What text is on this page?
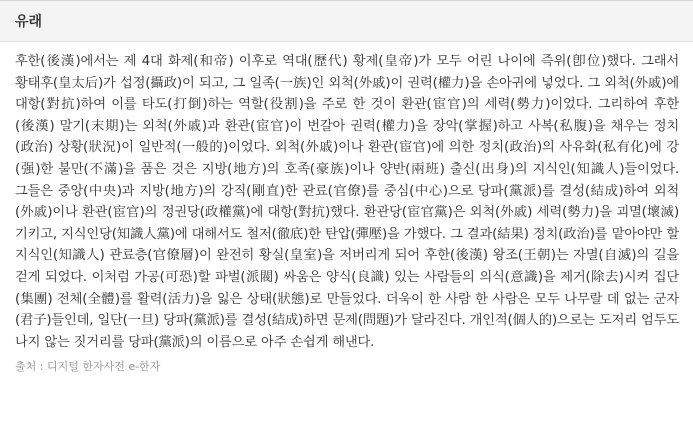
유래

후한(後漢)에서는 제 4대 화제(和帝) 이후로 역대(歷代) 황제(皇帝)가 모두 어린 나이에 즉위(卽位)했다. 그래서 황태후(皇太后)가 섭정(攝政)이 되고, 그 일족(一族)인 외척(外戚)이 권력(權力)을 손아귀에 넣었다. 그 외척(外戚)에 대항(對抗)하여 이를 타도(打倒)하는 역할(役割)을 주로 한 것이 환관(宦官)의 세력(勢力)이었다. 그리하여 후한(後漢) 말기(末期)는 외척(外戚)과 환관(宦官)이 번갈아 권력(權力)을 장악(掌握)하고 사복(私腹)을 채우는 정치(政治) 상황(狀況)이 일반적(一般的)이었다. 외척(外戚)이나 환관(宦官)에 의한 정치(政治)의 사유화(私有化)에 강(强)한 불만(不滿)을 품은 것은 지방(地方)의 호족(豪族)이나 양반(兩班) 출신(出身)의 지식인(知識人)들이었다. 그들은 중앙(中央)과 지방(地方)의 강직(剛直)한 관료(官僚)를 중심(中心)으로 당파(黨派)를 결성(結成)하여 외척(外戚)이나 환관(宦官)의 정권당(政權黨)에 대항(對抗)했다. 환관당(宦官黨)은 외척(外戚) 세력(勢力)을 괴멸(壞滅)기키고, 지식인당(知識人黨)에 대해서도 철저(徹底)한 탄압(彈壓)을 가했다. 그 결과(結果) 정치(政治)를 맡아야만 할 지식인(知識人) 관료층(官僚層)이 완전히 황실(皇室)을 저버리게 되어 후한(後漢) 왕조(王朝)는 자멸(自滅)의 길을 걷게 되었다. 이처럼 가공(可恐)할 파벌(派閥) 싸움은 양식(良識) 있는 사람들의 의식(意識)을 제거(除去)시켜 집단(集團) 전체(全體)를 활력(活力)을 잃은 상태(狀態)로 만들었다. 더욱이 한 사람 한 사람은 모두 나무랄 데 없는 군자(君子)들인데, 일단(一旦) 당파(黨派)를 결성(結成)하면 문제(問題)가 달라진다. 개인적(個人的)으로는 도저리 엄두도 나지 않는 짓거리를 당파(黨派)의 이름으로 아주 손쉽게 해낸다.

출처 : 디지털 한자사전 e-한자
